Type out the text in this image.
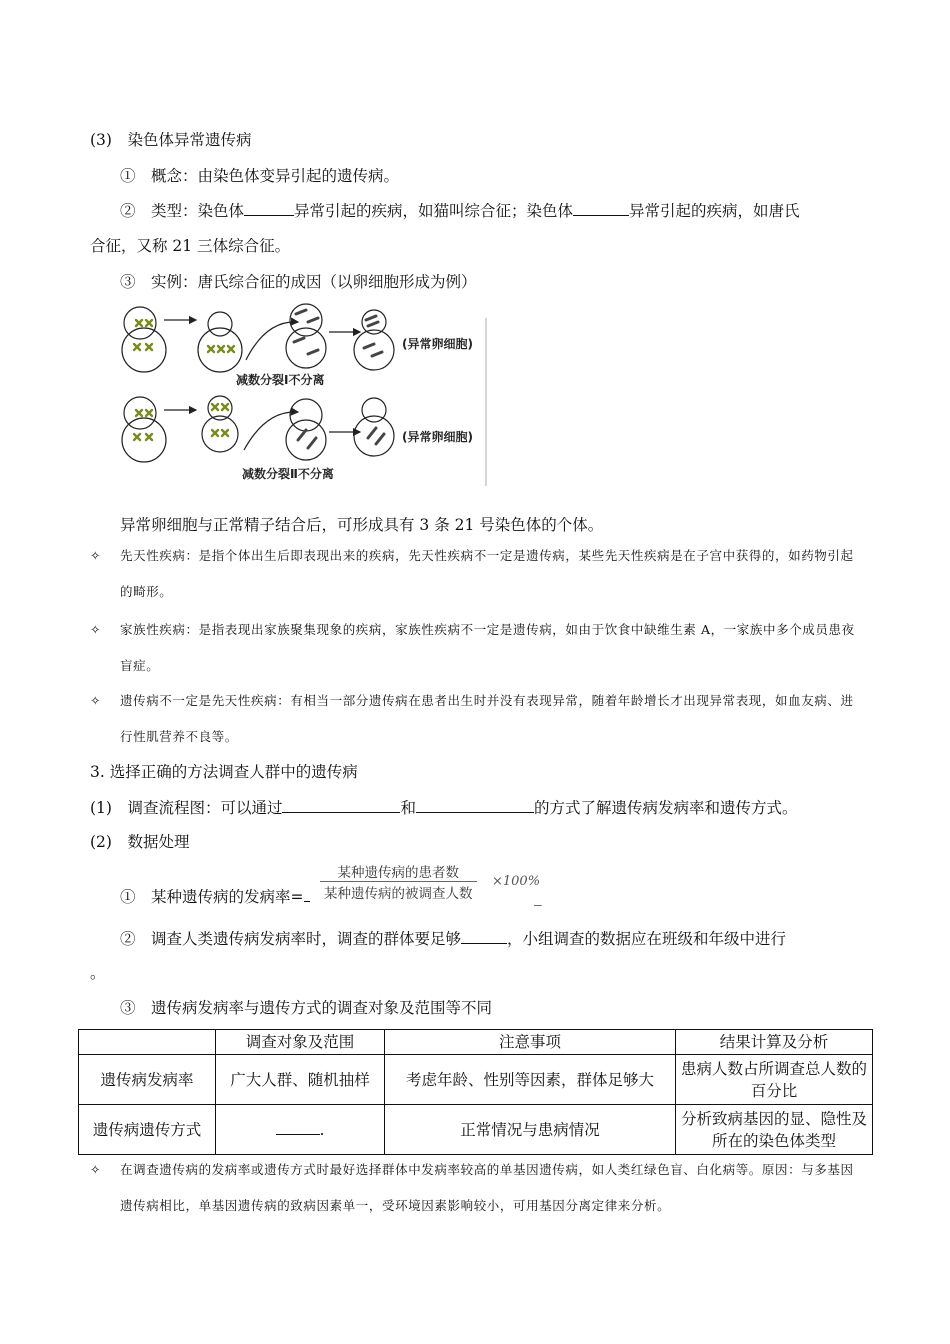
(3)　染色体异常遗传病
①　概念：由染色体变异引起的遗传病。
②　类型：染色体	异常引起的疾病，如猫叫综合征；染色体	异常引起的疾病，如唐氏
合征，又称 21 三体综合征。
③　实例：唐氏综合征的成因（以卵细胞形成为例）
(异常卵细胞)
减数分裂Ⅰ不分离
(异常卵细胞)
减数分裂Ⅱ不分离
异常卵细胞与正常精子结合后，可形成具有 3 条 21 号染色体的个体。
✧	先天性疾病：是指个体出生后即表现出来的疾病，先天性疾病不一定是遗传病，某些先天性疾病是在子宫中获得的，如药物引起的畸形。
✧	家族性疾病：是指表现出家族聚集现象的疾病，家族性疾病不一定是遗传病，如由于饮食中缺维生素 A，一家族中多个成员患夜盲症。
✧	遗传病不一定是先天性疾病：有相当一部分遗传病在患者出生时并没有表现异常，随着年龄增长才出现异常表现，如血友病、进行性肌营养不良等。
3. 选择正确的方法调查人群中的遗传病
(1)　调查流程图：可以通过	和	的方式了解遗传病发病率和遗传方式。
(2)　数据处理
某种遗传病的患者数
某种遗传病的被调查人数
×100%
①　某种遗传病的发病率=	_
②　调查人类遗传病发病率时，调查的群体要足够	，小组调查的数据应在班级和年级中进行
。
③　遗传病发病率与遗传方式的调查对象及范围等不同
	调查对象及范围	注意事项	结果计算及分析
遗传病发病率	广大人群、随机抽样	考虑年龄、性别等因素，群体足够大	患病人数占所调查总人数的百分比
遗传病遗传方式	.	正常情况与患病情况	分析致病基因的显、隐性及所在的染色体类型
✧	在调查遗传病的发病率或遗传方式时最好选择群体中发病率较高的单基因遗传病，如人类红绿色盲、白化病等。原因：与多基因遗传病相比，单基因遗传病的致病因素单一，受环境因素影响较小，可用基因分离定律来分析。
